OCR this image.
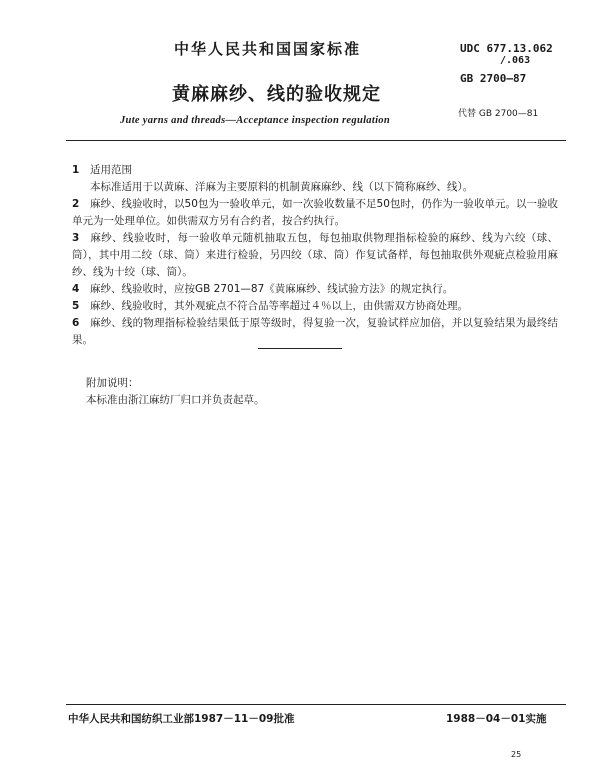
中华人民共和国国家标准	UDC 677.13.062
/.063
GB 2700—87
黄麻麻纱、线的验收规定
代替 GB 2700—81
Jute yarns and threads—Acceptance inspection regulation

1 适用范围

本标准适用于以黄麻、洋麻为主要原料的机制黄麻麻纱、线（以下简称麻纱、线）。

2 麻纱、线验收时，以50包为一验收单元，如一次验收数量不足50包时，仍作为一验收单元。以一验收单元为一处理单位。如供需双方另有合约者，按合约执行。

3 麻纱、线验收时，每一验收单元随机抽取五包，每包抽取供物理指标检验的麻纱、线为六绞（球、筒），其中用二绞（球、筒）来进行检验，另四绞（球、筒）作复试备样，每包抽取供外观疵点检验用麻纱、线为十绞（球、筒）。

4 麻纱、线验收时，应按GB 2701—87《黄麻麻纱、线试验方法》的规定执行。

5 麻纱、线验收时，其外观疵点不符合品等率超过４％以上，由供需双方协商处理。

6 麻纱、线的物理指标检验结果低于原等级时，得复验一次，复验试样应加倍，并以复验结果为最终结果。

附加说明：
本标准由浙江麻纺厂归口并负责起草。
中华人民共和国纺织工业部1987－11－09批准	1988－04－01实施
25
